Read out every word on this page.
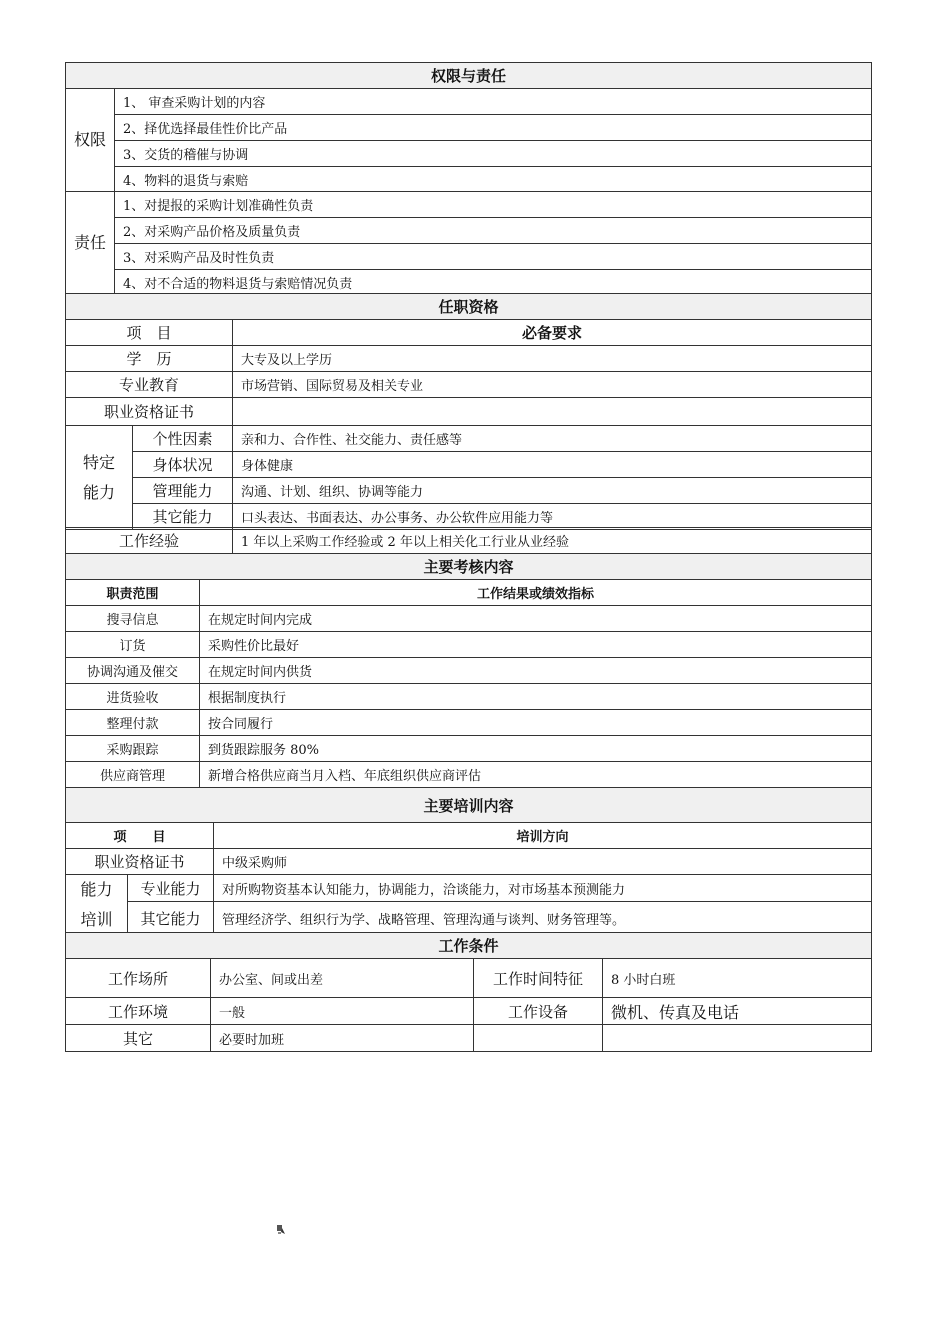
权限与责任	
权限	1、 审查采购计划的内容
	2、择优选择最佳性价比产品
	3、交货的稽催与协调
	4、物料的退货与索赔
责任	1、对提报的采购计划准确性负责
	2、对采购产品价格及质量负责
	3、对采购产品及时性负责
	4、对不合适的物料退货与索赔情况负责
任职资格		
项　目		必备要求
学　历		大专及以上学历
专业教育		市场营销、国际贸易及相关专业
职业资格证书		
特定能力	个性因素	亲和力、合作性、社交能力、责任感等
	身体状况	身体健康
	管理能力	沟通、计划、组织、协调等能力
	其它能力	口头表达、书面表达、办公事务、办公软件应用能力等
工作经验	1 年以上采购工作经验或 2 年以上相关化工行业从业经验
主要考核内容	
职责范围	工作结果或绩效指标
搜寻信息	在规定时间内完成
订货	采购性价比最好
协调沟通及催交	在规定时间内供货
进货验收	根据制度执行
整理付款	按合同履行
采购跟踪	到货跟踪服务 80%
供应商管理	新增合格供应商当月入档、年底组织供应商评估
主要培训内容		
项　　目		培训方向
职业资格证书		中级采购师
能力培训	专业能力	对所购物资基本认知能力，协调能力，洽谈能力，对市场基本预测能力
	其它能力	管理经济学、组织行为学、战略管理、管理沟通与谈判、财务管理等。
工作条件			
工作场所	办公室、间或出差	工作时间特征	8 小时白班
工作环境	一般	工作设备	微机、传真及电话
其它	必要时加班		
